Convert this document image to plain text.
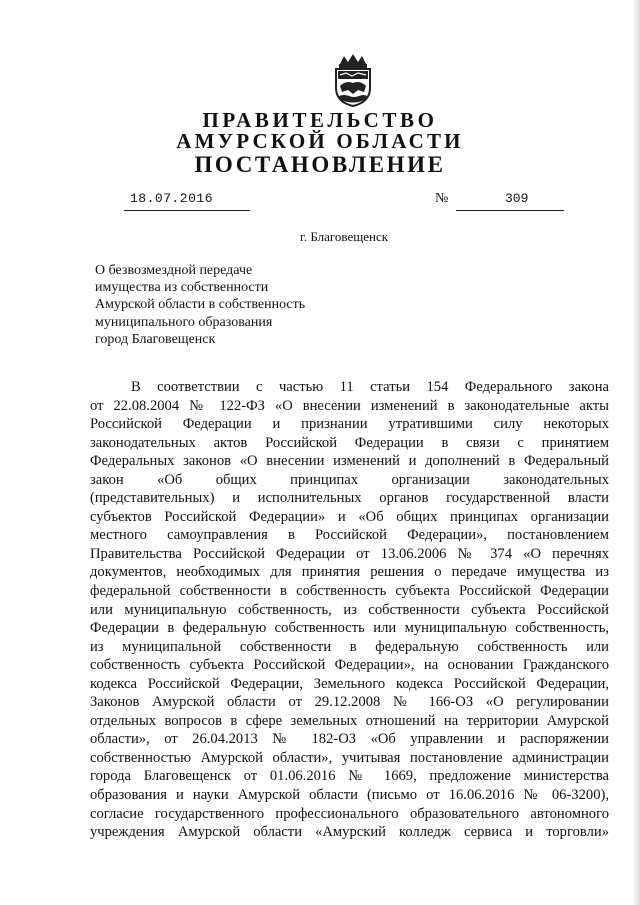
ПРАВИТЕЛЬСТВО
АМУРСКОЙ ОБЛАСТИ
ПОСТАНОВЛЕНИЕ
18.07.2016	№	309
г. Благовещенск
О безвозмездной передаче
имущества из собственности
Амурской области в собственность
муниципального образования
город Благовещенск
В соответствии с частью 11 статьи 154 Федерального закона
от 22.08.2004 № 122-ФЗ «О внесении изменений в законодательные акты
Российской Федерации и признании утратившими силу некоторых
законодательных актов Российской Федерации в связи с принятием
Федеральных законов «О внесении изменений и дополнений в Федеральный
закон «Об общих принципах организации законодательных
(представительных) и исполнительных органов государственной власти
субъектов Российской Федерации» и «Об общих принципах организации
местного самоуправления в Российской Федерации», постановлением
Правительства Российской Федерации от 13.06.2006 № 374 «О перечнях
документов, необходимых для принятия решения о передаче имущества из
федеральной собственности в собственность субъекта Российской Федерации
или муниципальную собственность, из собственности субъекта Российской
Федерации в федеральную собственность или муниципальную собственность,
из муниципальной собственности в федеральную собственность или
собственность субъекта Российской Федерации», на основании Гражданского
кодекса Российской Федерации, Земельного кодекса Российской Федерации,
Законов Амурской области от 29.12.2008 № 166-ОЗ «О регулировании
отдельных вопросов в сфере земельных отношений на территории Амурской
области», от 26.04.2013 № 182-ОЗ «Об управлении и распоряжении
собственностью Амурской области», учитывая постановление администрации
города Благовещенск от 01.06.2016 № 1669, предложение министерства
образования и науки Амурской области (письмо от 16.06.2016 № 06-3200),
согласие государственного профессионального образовательного автономного
учреждения Амурской области «Амурский колледж сервиса и торговли»
